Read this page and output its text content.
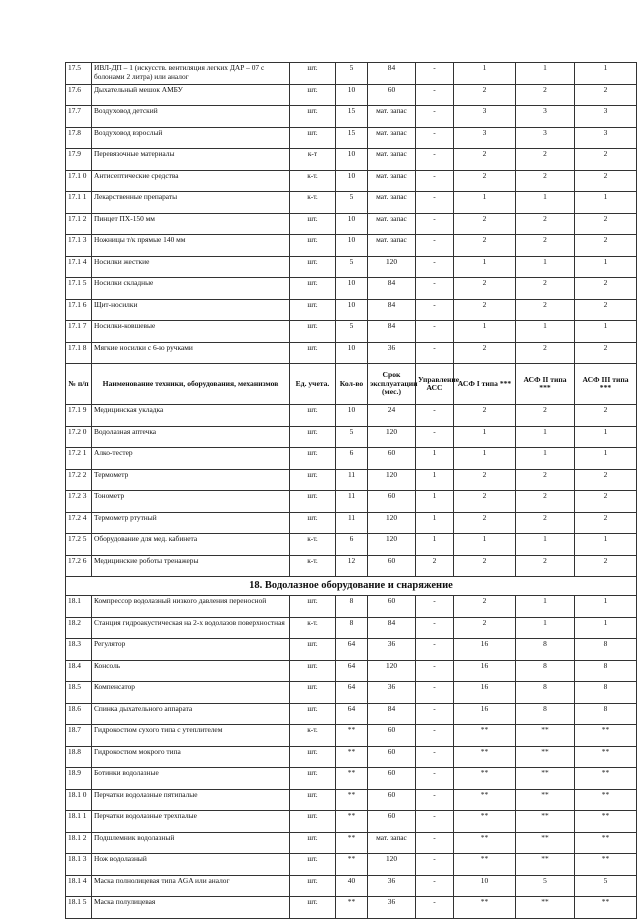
17.5	ИВЛ-ДП – 1 (искусств. вентиляция легких ДАР – 07 с болонами 2 литра) или аналог	шт.	5	84	-	1	1	1
17.6	Дыхательный мешок АМБУ	шт.	10	60	-	2	2	2
17.7	Воздуховод детский	шт.	15	мат. запас	-	3	3	3
17.8	Воздуховод взрослый	шт.	15	мат. запас	-	3	3	3
17.9	Перевязочные материалы	к-т	10	мат. запас	-	2	2	2
17.1 0	Антисептические средства	к-т.	10	мат. запас	-	2	2	2
17.1 1	Лекарственные препараты	к-т.	5	мат. запас	-	1	1	1
17.1 2	Пинцет ПХ-150 мм	шт.	10	мат. запас	-	2	2	2
17.1 3	Ножницы т/к прямые 140 мм	шт.	10	мат. запас	-	2	2	2
17.1 4	Носилки жесткие	шт.	5	120	-	1	1	1
17.1 5	Носилки складные	шт.	10	84	-	2	2	2
17.1 6	Щит-носилки	шт.	10	84	-	2	2	2
17.1 7	Носилки-ковшевые	шт.	5	84	-	1	1	1
17.1 8	Мягкие носилки с 6-ю ручками	шт.	10	36	-	2	2	2
№ п/п	Наименование техники, оборудования, механизмов	Ед. учета.	Кол-во	Срок эксплуатации (мес.)	Управление АСС	АСФ I типа ***	АСФ II типа ***	АСФ III типа ***
17.1 9	Медицинская укладка	шт.	10	24	-	2	2	2
17.2 0	Водолазная аптечка	шт.	5	120	-	1	1	1
17.2 1	Алко-тестер	шт.	6	60	1	1	1	1
17.2 2	Термометр	шт.	11	120	1	2	2	2
17.2 3	Тонометр	шт.	11	60	1	2	2	2
17.2 4	Термометр ртутный	шт.	11	120	1	2	2	2
17.2 5	Оборудование для мед. кабинета	к-т.	6	120	1	1	1	1
17.2 6	Медицинские роботы тренажеры	к-т.	12	60	2	2	2	2
18. Водолазное оборудование и снаряжение								
18.1	Компрессор водолазный низкого давления переносной	шт.	8	60	-	2	1	1
18.2	Станция гидроакустическая на 2-х водолазов поверхностная	к-т.	8	84	-	2	1	1
18.3	Регулятор	шт.	64	36	-	16	8	8
18.4	Консоль	шт.	64	120	-	16	8	8
18.5	Компенсатор	шт.	64	36	-	16	8	8
18.6	Спинка дыхательного аппарата	шт.	64	84	-	16	8	8
18.7	Гидрокостюм сухого типа с утеплителем	к-т.	**	60	-	**	**	**
18.8	Гидрокостюм мокрого типа	шт.	**	60	-	**	**	**
18.9	Ботинки водолазные	шт.	**	60	-	**	**	**
18.1 0	Перчатки водолазные пятипалые	шт.	**	60	-	**	**	**
18.1 1	Перчатки водолазные трехпалые	шт.	**	60	-	**	**	**
18.1 2	Подшлемник водолазный	шт.	**	мат. запас	-	**	**	**
18.1 3	Нож водолазный	шт.	**	120	-	**	**	**
18.1 4	Маска полнолицевая типа AGA или аналог	шт.	40	36	-	10	5	5
18.1 5	Маска полулицевая	шт.	**	36	-	**	**	**
